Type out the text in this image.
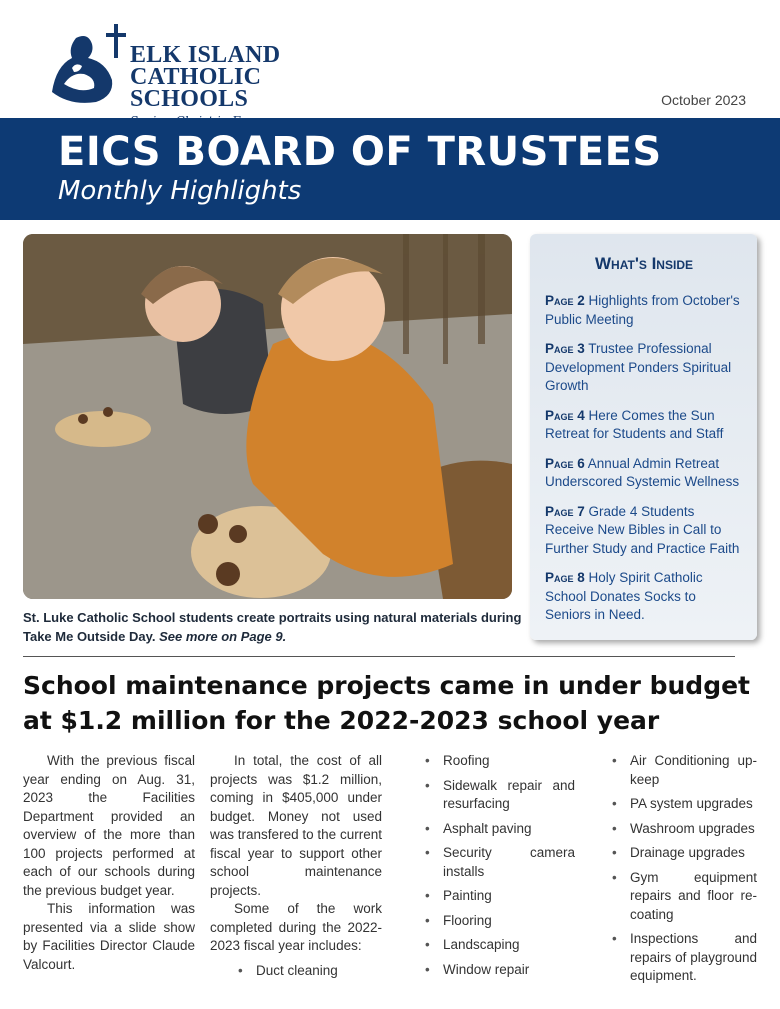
ELK ISLAND
CATHOLIC SCHOOLS	October 2023
EICS BOARD OF TRUSTEES
Monthly Highlights
St. Luke Catholic School students create portraits using natural materials during Take Me Outside Day. See more on Page 9.
What's Inside
Page 2 Highlights from October's Public Meeting
Page 3 Trustee Professional Development Ponders Spiritual Growth
Page 4 Here Comes the Sun Retreat for Students and Staff
Page 6 Annual Admin Retreat Underscored Systemic Wellness
Page 7 Grade 4 Students Receive New Bibles in Call to Further Study and Practice Faith
Page 8 Holy Spirit Catholic School Donates Socks to Seniors in Need.
School maintenance projects came in under budget at $1.2 million for the 2022-2023 school year

With the previous fiscal year ending on Aug. 31, 2023 the Facilities Department provided an overview of the more than 100 projects performed at each of our schools during the previous budget year.

This information was presented via a slide show by Facilities Director Claude Valcourt.

In total, the cost of all projects was $1.2 million, coming in $405,000 under budget. Money not used was transfered to the current fiscal year to support other school maintenance projects.

Some of the work completed during the 2022-2023 fiscal year includes:

• Duct cleaning
• Roofing
• Sidewalk repair and resurfacing
• Asphalt paving
• Security camera installs
• Painting
• Flooring
• Landscaping
• Window repair
• Air Conditioning up-keep
• PA system upgrades
• Washroom upgrades
• Drainage upgrades
• Gym equipment repairs and floor re-coating
• Inspections and repairs of playground equipment.
